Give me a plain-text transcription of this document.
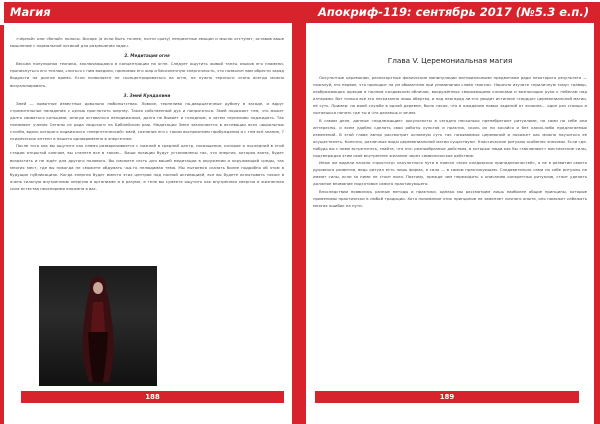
Магия

«чёрной» или «белой» полосы. Вскоре (а если быть точнее, почти сразу) неприятные эмоции и мысли отступят, оставив ваше мышление с нормальной логикой для разрешения задач.

2. Медитация огня

Весьма популярная техника, заключающаяся в концентрации на огне. Следует ощутить живой танец языков его пламени, проникнуться его теплом, слиться с ним воедино, принимая его жар и бесконечную энергичность, что позволит вам обрести заряд бодрости на долгое время. Если позволяете не сконцентрироваться на огне, не нужно теряться: огонь всегда можно визуализировать.

3. Змей Кундалини

Змей — животное известных довольно любопытствах. Ловкое, терпеливо по-двадцатичные дубину в засаде, и вдруг стремительное нападение с целью проглотить жертву. Такая собственный дух и напрягаться. Змей поражает тем, что может долго свиваться кольцами, иногда оставаться неподвижным, долго не бывает и голодным, а затем терпеливо поджидать. Так понимают учения Сатаны из рода людского на Библейском раю. Медитация Змея заключается в активации всех чакральных столба, вдоль которого подвижного «энергетический» змей, сознание его с таким восприятием пробуждения и с тем всё знание, 7 психических антенн в нашего одновременно в энергетике.

После того как вы ощутите как пламя разворачивается с нижней в средний центр, посвящение, которое и последний в этой стадии открытой ключом, вы станете все в таком... Ваши позиции будут установлены так, что энергия, которая взята, будет возрастать и не ждёт для другого полового. Вы сможете сесть для вашей медитации в окружении и окружающей среды, так многих мест, где вы никогда не сможете обдумать чья-то нелюдимая тема. Мы пытаемся сказать более подробно об этом в будущих публикациях. Когда энергия будет вместо этих центров под полной активацией, все вы будете испытывать также в очень сильную внутреннюю энергию в организме и в разуме, в теле вы сумеете ощутить как внутренняя энергия и жизненная сила естества неоспоримо вложена в вас.

188
Апокриф-119: сентябрь 2017 (№5.3 е.п.)
Глава V. Церемониальная магия

Оккультные церемонии, разносортные физические манипуляции материальными предметами ради некоторого результата — пожалуй, это первое, что приходит на ум обывателю при упоминании слова «магия». Нарочно изучите «приличную тьму» гравюр, изображающих жрецов в полном колдовском обличии, вооружённых сверкающими клинками и возносящих руки к небесам над алтарями. Вот только все это несказанно лишь обертка, и под нею вряд ли кто увидит истинное «сердце» церемониальной магии, её суть. Пример: на моей службе в одной деревне, было такое, что в ожидании новых заданий от хозяина… один раз стоишь и пытаешься понять где ты и что делаешь и зачем.

В самом деле, данные «подлежащие» оккультисты в сегодня несколько пренебрегают ритуалами, но сами по себе они интересны, и всем удобно сделать свои работы культов и практик, сколь их ни касайся и без каких-либо предлагаемых изменений. В этой главе автор рассмотрит основную суть так называемых церемоний и покажет как можно научиться её осуществлять. Конечно, различные виды церемониальной магии существуют. Классические ритуалы особенно значимы. Если где-нибудь вы с ними встретитесь, знайте, что это: разнообразные действия, в которых люди как бы «заклинают» мистические силы, подтверждая этим своё внутреннее желание через символическое действие.

Иные же видели начало «простого» оккультного пути в поиске «всех колдовских принадлежностей», а не в развитии своего духовного развития, ведь ритуал есть лишь форма, а сила — в самом практикующем. Следовательно сами по себе ритуалы не имеют силы, если за ними не стоит воля. Поэтому, прежде чем переходить к описанию конкретных ритуалов, стоит уделить должное внимание подготовке самого практикующего.

Впоследствии появились разные методы и практики, однако мы рассмотрим лишь наиболее общие принципы, которые применимы практически в любой традиции. Хотя понимание этих принципов не заменяет личного опыта, оно поможет избежать многих ошибок на пути.

189
